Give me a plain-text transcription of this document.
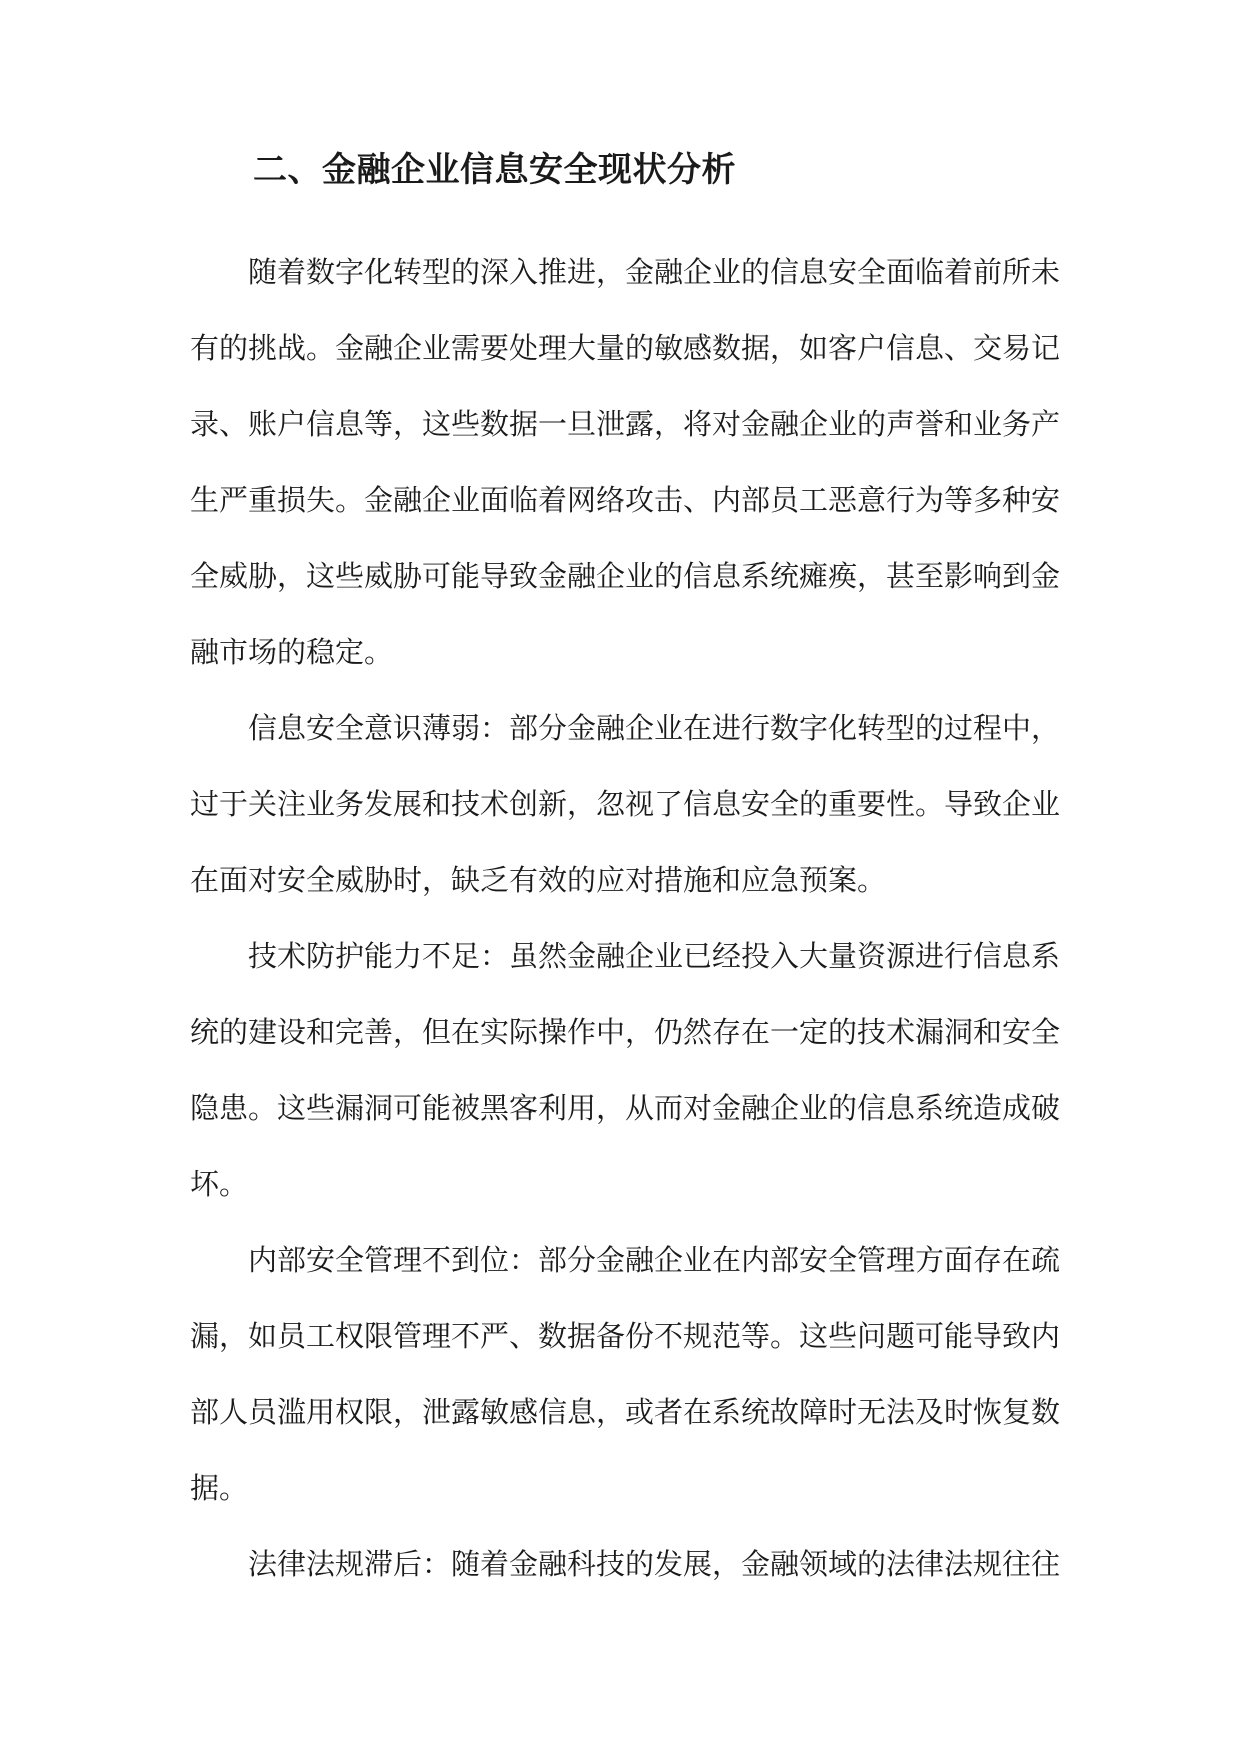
二、金融企业信息安全现状分析

随着数字化转型的深入推进，金融企业的信息安全面临着前所未有的挑战。金融企业需要处理大量的敏感数据，如客户信息、交易记录、账户信息等，这些数据一旦泄露，将对金融企业的声誉和业务产生严重损失。金融企业面临着网络攻击、内部员工恶意行为等多种安全威胁，这些威胁可能导致金融企业的信息系统瘫痪，甚至影响到金融市场的稳定。

信息安全意识薄弱：部分金融企业在进行数字化转型的过程中，过于关注业务发展和技术创新，忽视了信息安全的重要性。导致企业在面对安全威胁时，缺乏有效的应对措施和应急预案。

技术防护能力不足：虽然金融企业已经投入大量资源进行信息系统的建设和完善，但在实际操作中，仍然存在一定的技术漏洞和安全隐患。这些漏洞可能被黑客利用，从而对金融企业的信息系统造成破坏。

内部安全管理不到位：部分金融企业在内部安全管理方面存在疏漏，如员工权限管理不严、数据备份不规范等。这些问题可能导致内部人员滥用权限，泄露敏感信息，或者在系统故障时无法及时恢复数据。

法律法规滞后：随着金融科技的发展，金融领域的法律法规往往
